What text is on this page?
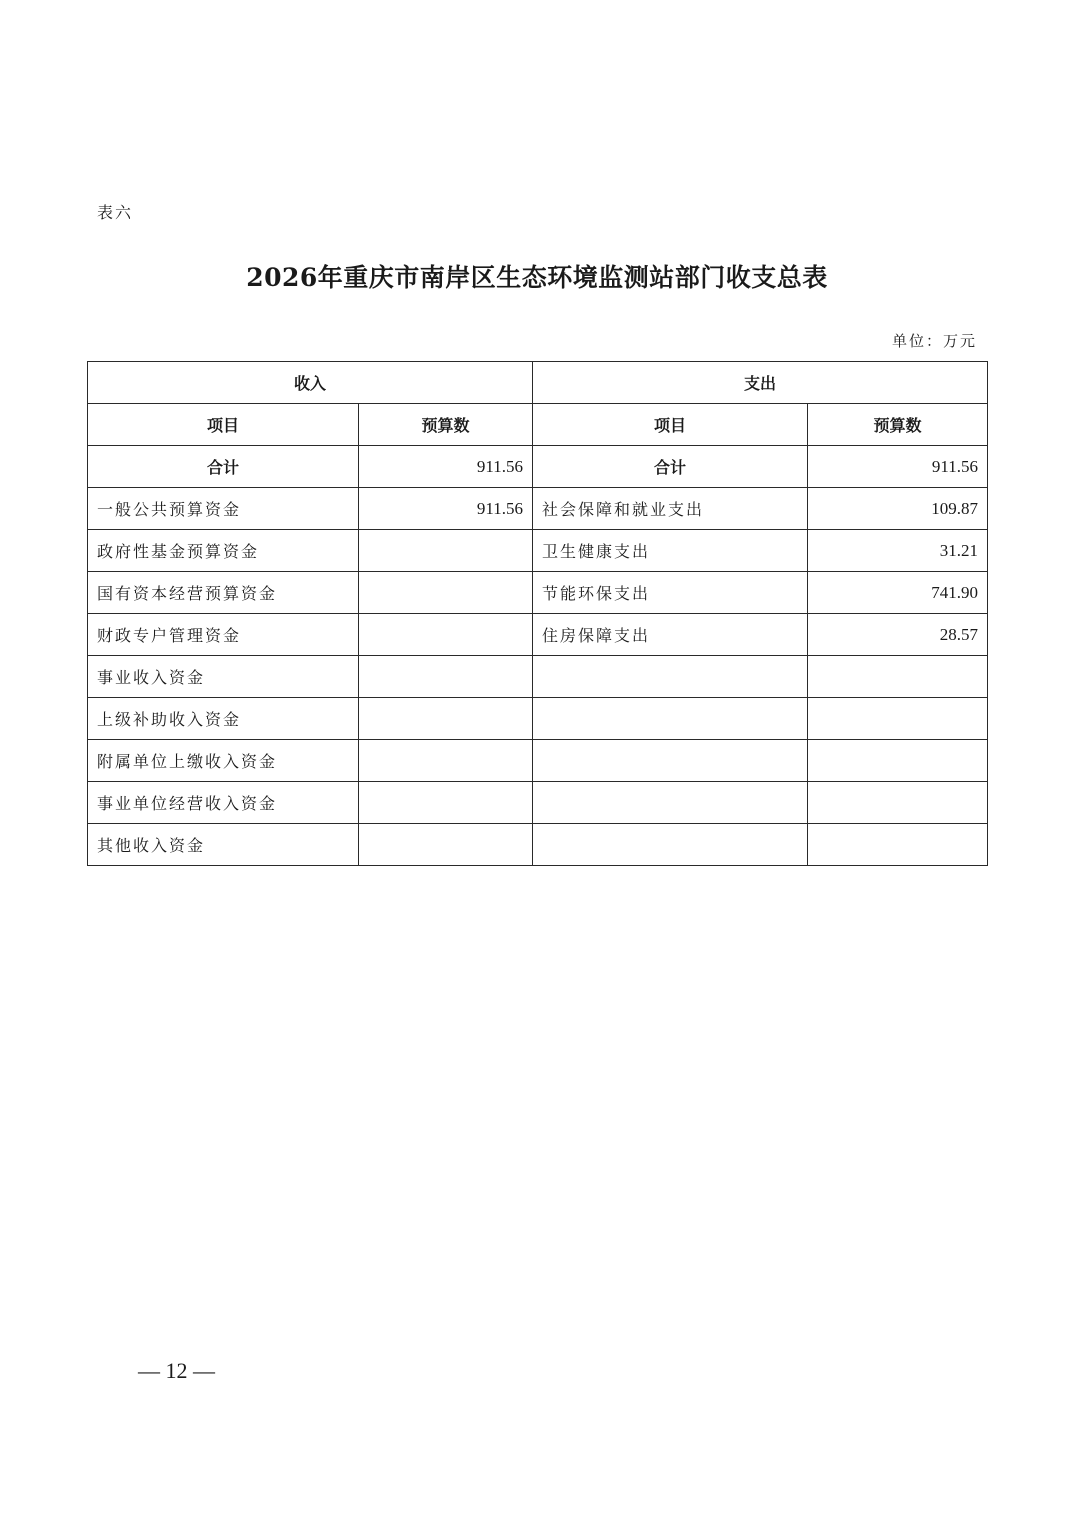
表六
2026年重庆市南岸区生态环境监测站部门收支总表
单位：万元
收入		支出	
项目	预算数	项目	预算数
合计	911.56	合计	911.56
一般公共预算资金	911.56	社会保障和就业支出	109.87
政府性基金预算资金		卫生健康支出	31.21
国有资本经营预算资金		节能环保支出	741.90
财政专户管理资金		住房保障支出	28.57
事业收入资金			
上级补助收入资金			
附属单位上缴收入资金			
事业单位经营收入资金			
其他收入资金			
— 12 —
